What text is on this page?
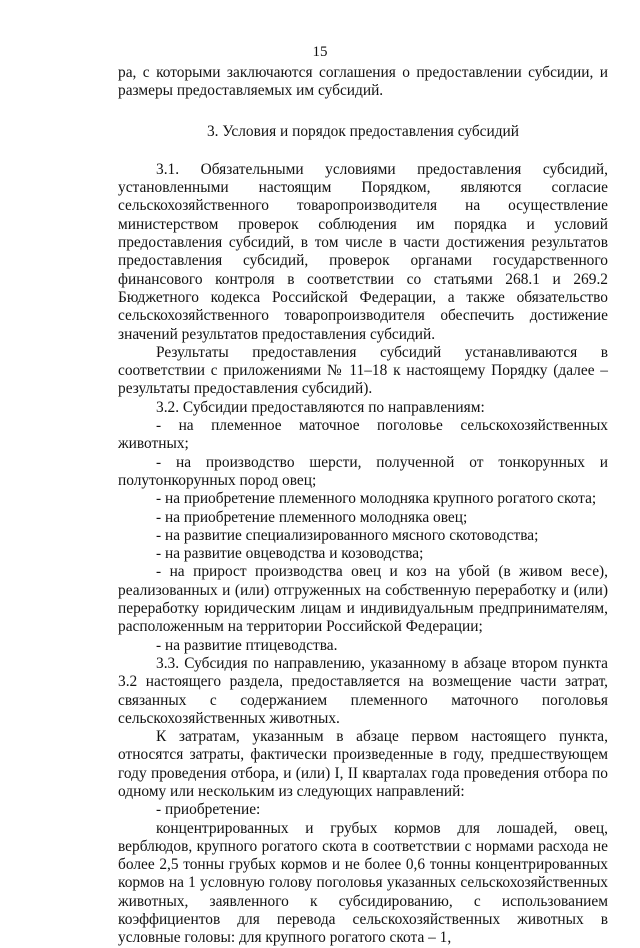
15

ра, с которыми заключаются соглашения о предоставлении субсидии, и размеры предоставляемых им субсидий.

3. Условия и порядок предоставления субсидий

3.1. Обязательными условиями предоставления субсидий, установленными настоящим Порядком, являются согласие сельскохозяйственного товаропроизводителя на осуществление министерством проверок соблюдения им порядка и условий предоставления субсидий, в том числе в части достижения результатов предоставления субсидий, проверок органами государственного финансового контроля в соответствии со статьями 268.1 и 269.2 Бюджетного кодекса Российской Федерации, а также обязательство сельскохозяйственного товаропроизводителя обеспечить достижение значений результатов предоставления субсидий.

Результаты предоставления субсидий устанавливаются в соответствии с приложениями № 11–18 к настоящему Порядку (далее – результаты предоставления субсидий).

3.2. Субсидии предоставляются по направлениям:

- на племенное маточное поголовье сельскохозяйственных животных;

- на производство шерсти, полученной от тонкорунных и полутонкорунных пород овец;

- на приобретение племенного молодняка крупного рогатого скота;

- на приобретение племенного молодняка овец;

- на развитие специализированного мясного скотоводства;

- на развитие овцеводства и козоводства;

- на прирост производства овец и коз на убой (в живом весе), реализованных и (или) отгруженных на собственную переработку и (или) переработку юридическим лицам и индивидуальным предпринимателям, расположенным на территории Российской Федерации;

- на развитие птицеводства.

3.3. Субсидия по направлению, указанному в абзаце втором пункта 3.2 настоящего раздела, предоставляется на возмещение части затрат, связанных с содержанием племенного маточного поголовья сельскохозяйственных животных.

К затратам, указанным в абзаце первом настоящего пункта, относятся затраты, фактически произведенные в году, предшествующем году проведения отбора, и (или) I, II кварталах года проведения отбора по одному или нескольким из следующих направлений:

- приобретение:

концентрированных и грубых кормов для лошадей, овец, верблюдов, крупного рогатого скота в соответствии с нормами расхода не более 2,5 тонны грубых кормов и не более 0,6 тонны концентрированных кормов на 1 условную голову поголовья указанных сельскохозяйственных животных, заявленного к субсидированию, с использованием коэффициентов для перевода сельскохозяйственных животных в условные головы: для крупного рогатого скота – 1,
